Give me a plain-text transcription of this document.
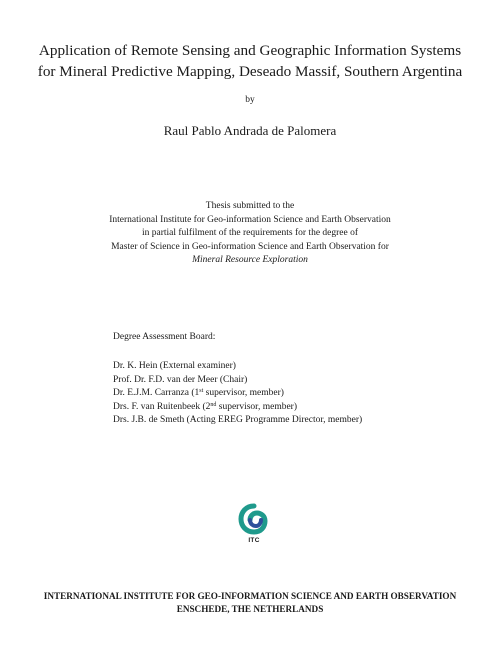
Application of Remote Sensing and Geographic Information Systems
for Mineral Predictive Mapping, Deseado Massif, Southern Argentina
by
Raul Pablo Andrada de Palomera
Thesis submitted to the
International Institute for Geo-information Science and Earth Observation
in partial fulfilment of the requirements for the degree of
Master of Science in Geo-information Science and Earth Observation for
Mineral Resource Exploration
Degree Assessment Board:
Dr. K. Hein (External examiner)
Prof. Dr. F.D. van der Meer (Chair)
Dr. E.J.M. Carranza (1st supervisor, member)
Drs. F. van Ruitenbeek (2nd supervisor, member)
Drs. J.B. de Smeth (Acting EREG Programme Director, member)
ITC
INTERNATIONAL INSTITUTE FOR GEO-INFORMATION SCIENCE AND EARTH OBSERVATION
ENSCHEDE, THE NETHERLANDS
